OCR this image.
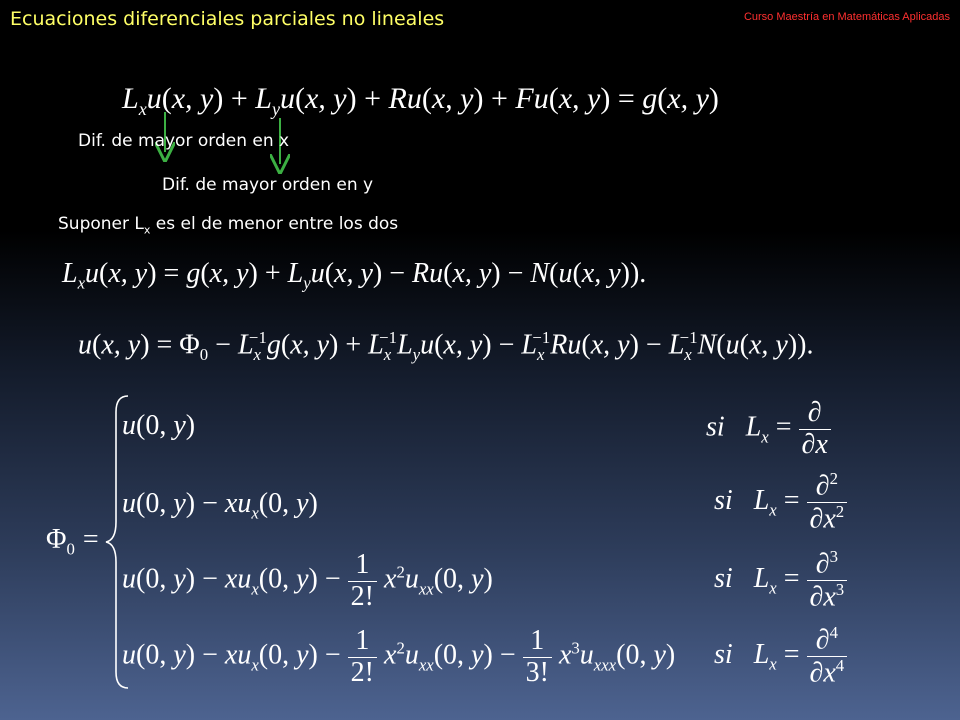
Ecuaciones diferenciales parciales no lineales	Curso Maestría en Matemáticas Aplicadas
$L_xu(x$, $y) + L_yu(x$, y) + Ru(x, y) + Fu(x, y) = g(x, y)
Dif. de mayor orden en x
Dif. de mayor orden en y
Suponer $L_x$ es el de menor entre los dos
$L_xu(x$, y) = g(x, $y) + L_yu(x$, y) − Ru(x, y) − N(u(x, y)).
u(x, $y) = \Phi_0 - L_x^{-1}g(x$, $y) + L_x^{-1}L_yu(x$, $y) - L_x^{-1}Ru(x$, $y) - L_x^{-1}N(u(x$, y)).
$\Phi_0$ =
u(0, y)	si   $L_x = \frac{\partial}{\partial x}$
u(0, $y) - xu_x(0$, y)	si   $L_x = \frac{\partial^2}{\partial x^2}$
u(0, $y) - xu_x(0$, $y) - \frac{1}{2!} x^2u_{xx}(0$, y)	si   $L_x = \frac{\partial^3}{\partial x^3}$
u(0, $y) - xu_x(0$, $y) - \frac{1}{2!} x^2u_{xx}(0$, $y) - \frac{1}{3!} x^3u_{xxx}(0$, y) si   $L_x = \frac{\partial^4}{\partial x^4}$
